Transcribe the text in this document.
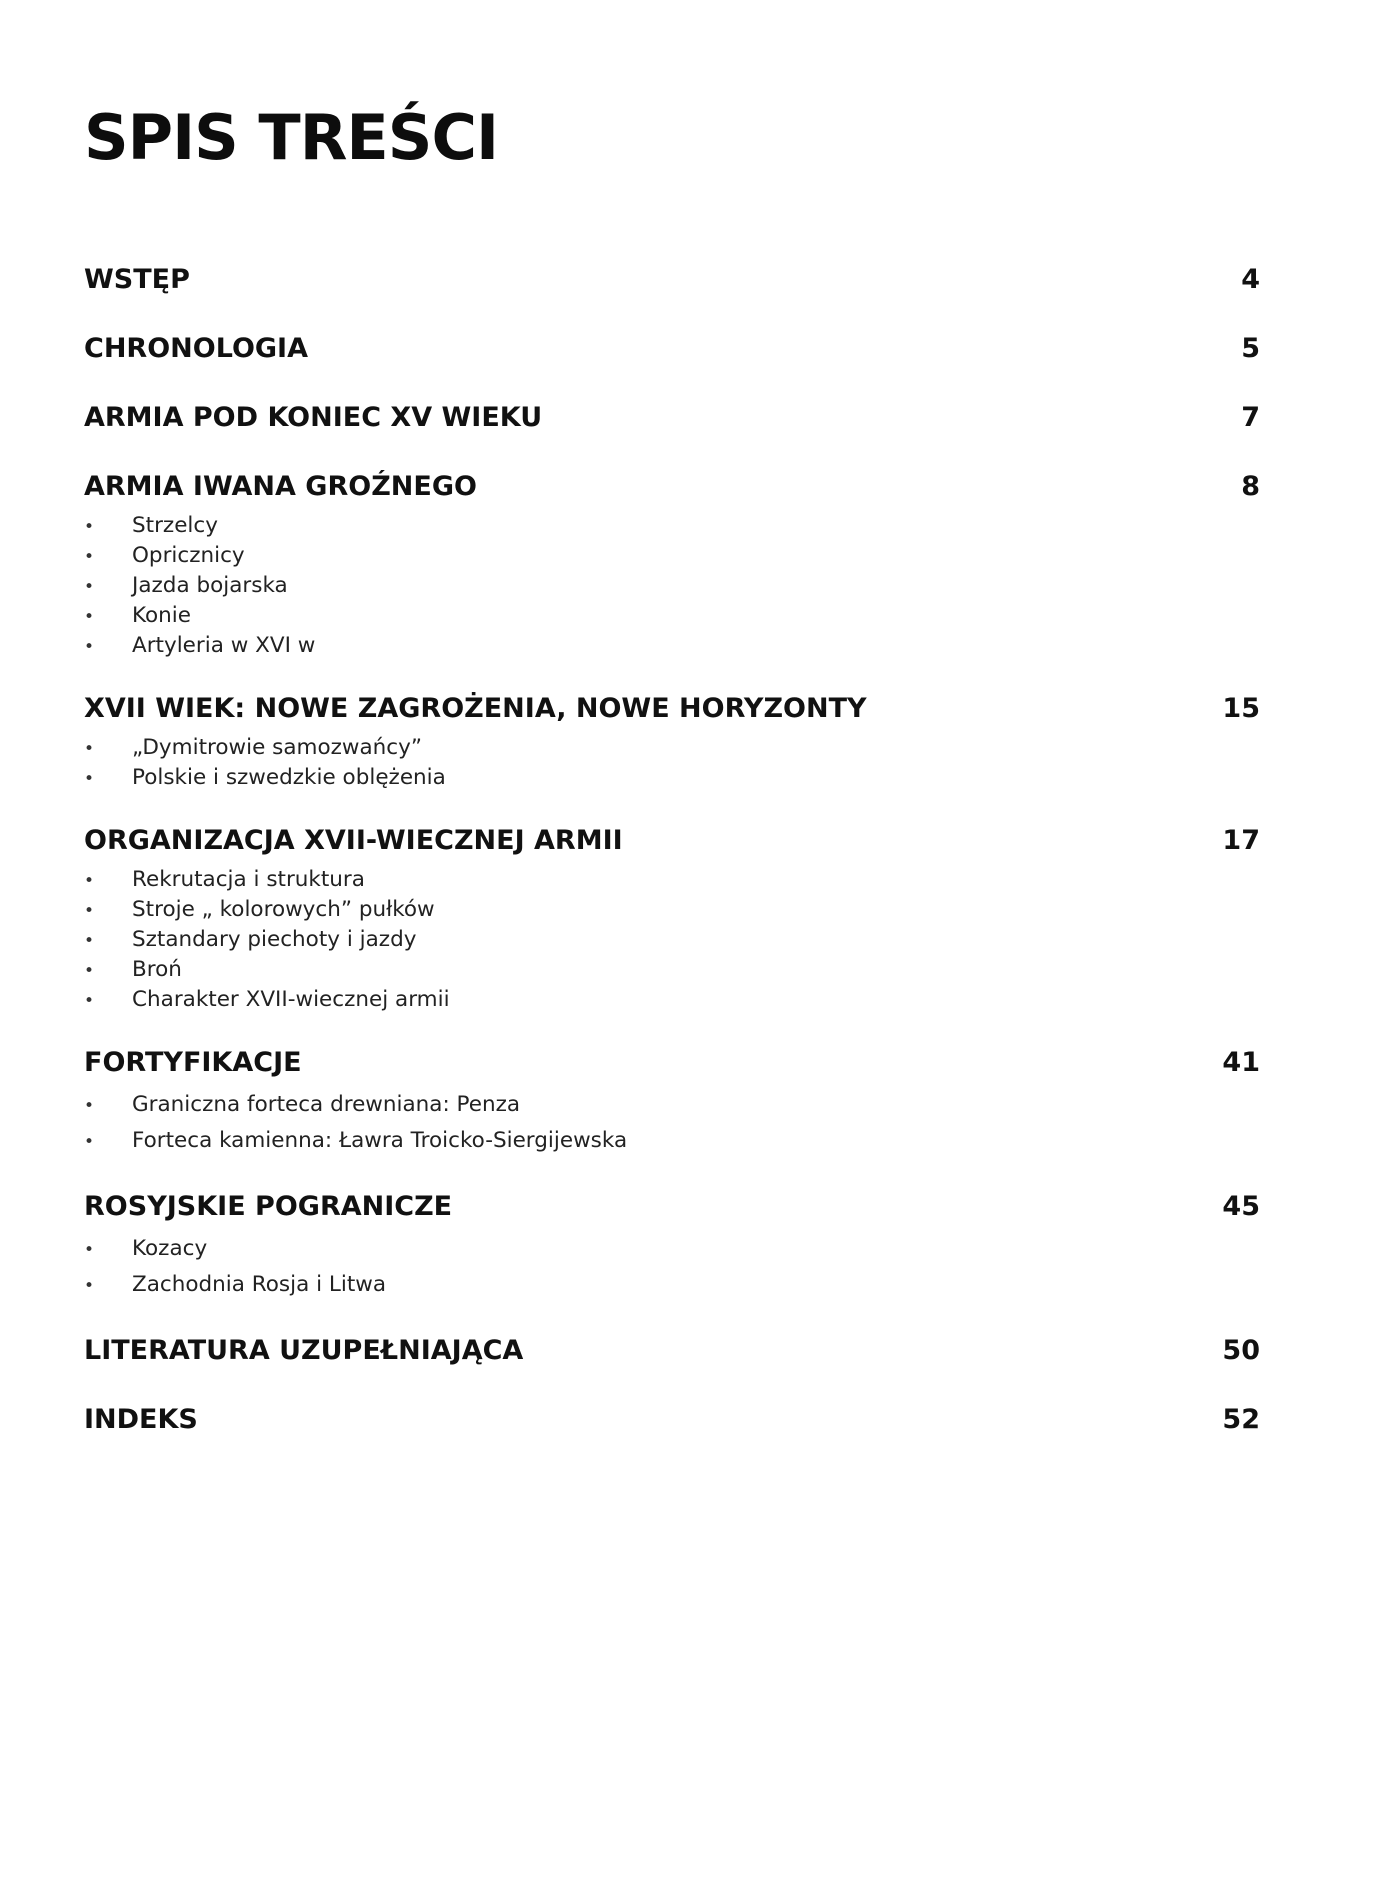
SPIS TREŚCI
WSTĘP	4
CHRONOLOGIA	5
ARMIA POD KONIEC XV WIEKU	7
ARMIA IWANA GROŹNEGO	8
•	Strzelcy
•	Opricznicy
•	Jazda bojarska
•	Konie
•	Artyleria w XVI w
XVII WIEK: NOWE ZAGROŻENIA, NOWE HORYZONTY	15
•	„Dymitrowie samozwańcy”
•	Polskie i szwedzkie oblężenia
ORGANIZACJA XVII-WIECZNEJ ARMII	17
•	Rekrutacja i struktura
•	Stroje „ kolorowych” pułków
•	Sztandary piechoty i jazdy
•	Broń
•	Charakter XVII-wiecznej armii
FORTYFIKACJE	41
•	Graniczna forteca drewniana: Penza
•	Forteca kamienna: Ławra Troicko-Siergijewska
ROSYJSKIE POGRANICZE	45
•	Kozacy
•	Zachodnia Rosja i Litwa
LITERATURA UZUPEŁNIAJĄCA	50
INDEKS	52
